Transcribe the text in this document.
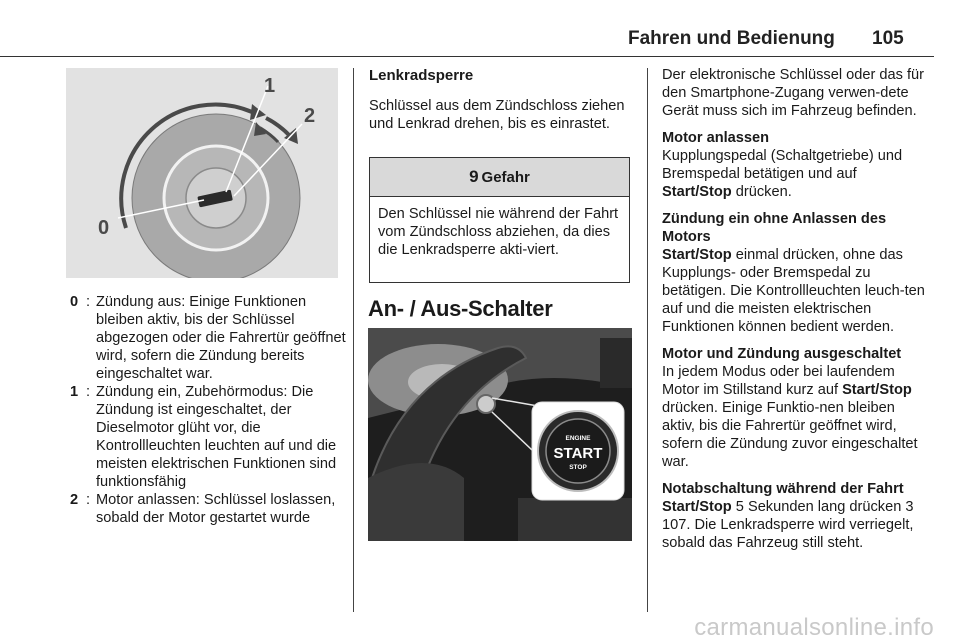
Fahren und Bedienung 105
0
1
2
0 : Zündung aus: Einige Funktionen bleiben aktiv, bis der Schlüssel abgezogen oder die Fahrertür geöffnet wird, sofern die Zündung bereits eingeschaltet war.
1 : Zündung ein, Zubehörmodus: Die Zündung ist eingeschaltet, der Dieselmotor glüht vor, die Kontrollleuchten leuchten auf und die meisten elektrischen Funktionen sind funktionsfähig
2 : Motor anlassen: Schlüssel loslassen, sobald der Motor gestartet wurde
Lenkradsperre
Schlüssel aus dem Zündschloss ziehen und Lenkrad drehen, bis es einrastet.
9 Gefahr
Den Schlüssel nie während der Fahrt vom Zündschloss abziehen, da dies die Lenkradsperre akti-viert.
An- / Aus-Schalter
ENGINE
START
STOP

Der elektronische Schlüssel oder das für den Smartphone-Zugang verwen-dete Gerät muss sich im Fahrzeug befinden.

Motor anlassen
Kupplungspedal (Schaltgetriebe) und Bremspedal betätigen und auf Start/Stop drücken.

Zündung ein ohne Anlassen des Motors
Start/Stop einmal drücken, ohne das Kupplungs- oder Bremspedal zu betätigen. Die Kontrollleuchten leuch-ten auf und die meisten elektrischen Funktionen können bedient werden.

Motor und Zündung ausgeschaltet
In jedem Modus oder bei laufendem Motor im Stillstand kurz auf Start/Stop drücken. Einige Funktio-nen bleiben aktiv, bis die Fahrertür geöffnet wird, sofern die Zündung zuvor eingeschaltet war.

Notabschaltung während der Fahrt
Start/Stop 5 Sekunden lang drücken 3 107. Die Lenkradsperre wird verriegelt, sobald das Fahrzeug still steht.

carmanualsonline.info
